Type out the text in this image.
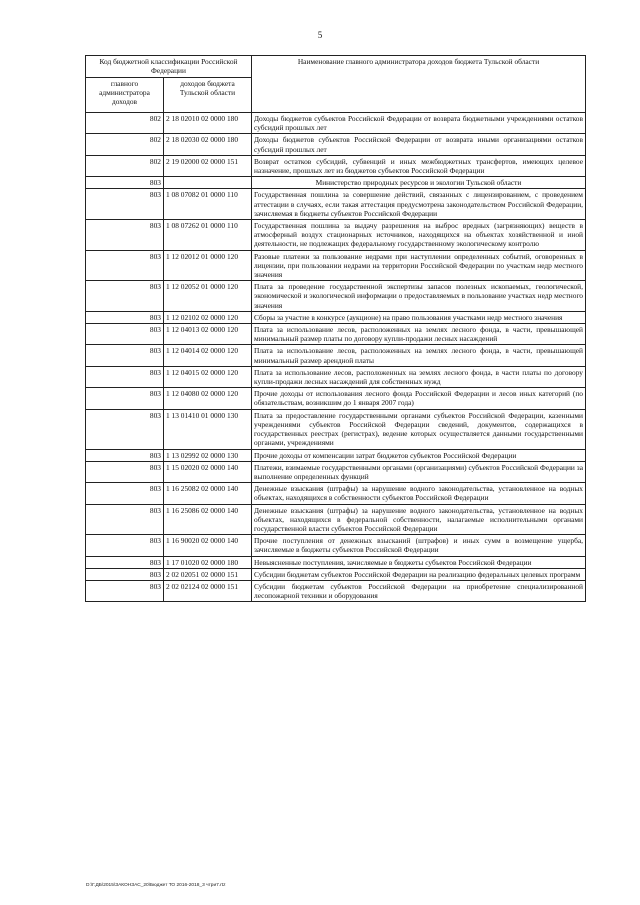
5
Код бюджетной классификации Российской Федерации		Наименование главного администратора доходов бюджета Тульской области
главного администратора доходов	доходов бюджета Тульской области	
802	2 18 02010 02 0000 180	Доходы бюджетов субъектов Российской Федерации от возврата бюджетными учреждениями остатков субсидий прошлых лет
802	2 18 02030 02 0000 180	Доходы бюджетов субъектов Российской Федерации от возврата иными организациями остатков субсидий прошлых лет
802	2 19 02000 02 0000 151	Возврат остатков субсидий, субвенций и иных межбюджетных трансфертов, имеющих целевое назначение, прошлых лет из бюджетов субъектов Российской Федерации
803		Министерство природных ресурсов и экологии Тульской области
803	1 08 07082 01 0000 110	Государственная пошлина за совершение действий, связанных с лицензированием, с проведением аттестации в случаях, если такая аттестация предусмотрена законодательством Российской Федерации, зачисляемая в бюджеты субъектов Российской Федерации
803	1 08 07262 01 0000 110	Государственная пошлина за выдачу разрешения на выброс вредных (загрязняющих) веществ в атмосферный воздух стационарных источников, находящихся на объектах хозяйственной и иной деятельности, не подлежащих федеральному государственному экологическому контролю
803	1 12 02012 01 0000 120	Разовые платежи за пользование недрами при наступлении определенных событий, оговоренных в лицензии, при пользовании недрами на территории Российской Федерации по участкам недр местного значения
803	1 12 02052 01 0000 120	Плата за проведение государственной экспертизы запасов полезных ископаемых, геологической, экономической и экологической информации о предоставляемых в пользование участках недр местного значения
803	1 12 02102 02 0000 120	Сборы за участие в конкурсе (аукционе) на право пользования участками недр местного значения
803	1 12 04013 02 0000 120	Плата за использование лесов, расположенных на землях лесного фонда, в части, превышающей минимальный размер платы по договору купли-продажи лесных насаждений
803	1 12 04014 02 0000 120	Плата за использование лесов, расположенных на землях лесного фонда, в части, превышающей минимальный размер арендной платы
803	1 12 04015 02 0000 120	Плата за использование лесов, расположенных на землях лесного фонда, в части платы по договору купли-продажи лесных насаждений для собственных нужд
803	1 12 04080 02 0000 120	Прочие доходы от использования лесного фонда Российской Федерации и лесов иных категорий (по обязательствам, возникшим до 1 января 2007 года)
803	1 13 01410 01 0000 130	Плата за предоставление государственными органами субъектов Российской Федерации, казенными учреждениями субъектов Российской Федерации сведений, документов, содержащихся в государственных реестрах (регистрах), ведение которых осуществляется данными государственными органами, учреждениями
803	1 13 02992 02 0000 130	Прочие доходы от компенсации затрат бюджетов субъектов Российской Федерации
803	1 15 02020 02 0000 140	Платежи, взимаемые государственными органами (организациями) субъектов Российской Федерации за выполнение определенных функций
803	1 16 25082 02 0000 140	Денежные взыскания (штрафы) за нарушение водного законодательства, установленное на водных объектах, находящихся в собственности субъектов Российской Федерации
803	1 16 25086 02 0000 140	Денежные взыскания (штрафы) за нарушение водного законодательства, установленное на водных объектах, находящихся в федеральной собственности, налагаемые исполнительными органами государственной власти субъектов Российской Федерации
803	1 16 90020 02 0000 140	Прочие поступления от денежных взысканий (штрафов) и иных сумм в возмещение ущерба, зачисляемые в бюджеты субъектов Российской Федерации
803	1 17 01020 02 0000 180	Невыясненные поступления, зачисляемые в бюджеты субъектов Российской Федерации
803	2 02 02051 02 0000 151	Субсидии бюджетам субъектов Российской Федерации на реализацию федеральных целевых программ
803	2 02 02124 02 0000 151	Субсидии бюджетам субъектов Российской Федерации на приобретение специализированной лесопожарной техники и оборудования
D:\Г.ДБ\2015\ЗАКОНЗАС_20\Бюджет ТО 2016-2018_3 чтри7.rtz
